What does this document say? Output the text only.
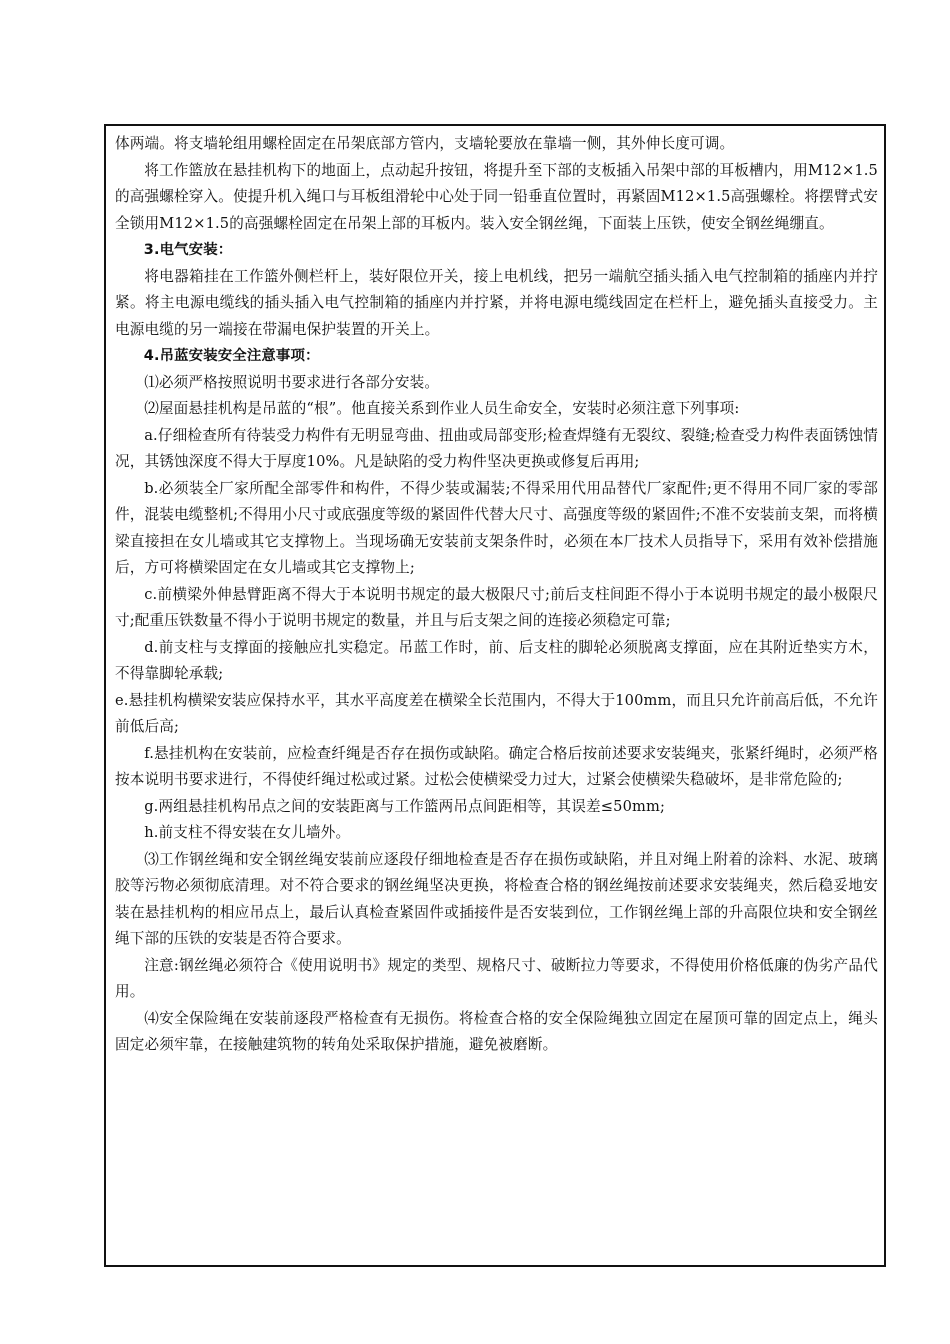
体两端。将支墙轮组用螺栓固定在吊架底部方管内，支墙轮要放在靠墙一侧，其外伸长度可调。

将工作篮放在悬挂机构下的地面上，点动起升按钮，将提升至下部的支板插入吊架中部的耳板槽内，用M12×1.5的高强螺栓穿入。使提升机入绳口与耳板组滑轮中心处于同一铅垂直位置时，再紧固M12×1.5高强螺栓。将摆臂式安全锁用M12×1.5的高强螺栓固定在吊架上部的耳板内。装入安全钢丝绳，下面装上压铁，使安全钢丝绳绷直。

3.电气安装：

将电器箱挂在工作篮外侧栏杆上，装好限位开关，接上电机线，把另一端航空插头插入电气控制箱的插座内并拧紧。将主电源电缆线的插头插入电气控制箱的插座内并拧紧，并将电源电缆线固定在栏杆上，避免插头直接受力。主电源电缆的另一端接在带漏电保护装置的开关上。

4.吊蓝安装安全注意事项：

⑴必须严格按照说明书要求进行各部分安装。

⑵屋面悬挂机构是吊蓝的“根”。他直接关系到作业人员生命安全，安装时必须注意下列事项:

a.仔细检查所有待装受力构件有无明显弯曲、扭曲或局部变形;检查焊缝有无裂纹、裂缝;检查受力构件表面锈蚀情况，其锈蚀深度不得大于厚度10%。凡是缺陷的受力构件坚决更换或修复后再用;

b.必须装全厂家所配全部零件和构件，不得少装或漏装;不得采用代用品替代厂家配件;更不得用不同厂家的零部件，混装电缆整机;不得用小尺寸或底强度等级的紧固件代替大尺寸、高强度等级的紧固件;不准不安装前支架，而将横梁直接担在女儿墙或其它支撑物上。当现场确无安装前支架条件时，必须在本厂技术人员指导下，采用有效补偿措施后，方可将横梁固定在女儿墙或其它支撑物上;

c.前横梁外伸悬臂距离不得大于本说明书规定的最大极限尺寸;前后支柱间距不得小于本说明书规定的最小极限尺寸;配重压铁数量不得小于说明书规定的数量，并且与后支架之间的连接必须稳定可靠;

d.前支柱与支撑面的接触应扎实稳定。吊蓝工作时，前、后支柱的脚轮必须脱离支撑面，应在其附近垫实方木，不得靠脚轮承载;

e.悬挂机构横梁安装应保持水平，其水平高度差在横梁全长范围内，不得大于100mm，而且只允许前高后低，不允许前低后高;

f.悬挂机构在安装前，应检查纤绳是否存在损伤或缺陷。确定合格后按前述要求安装绳夹，张紧纤绳时，必须严格按本说明书要求进行，不得使纤绳过松或过紧。过松会使横梁受力过大，过紧会使横梁失稳破坏，是非常危险的;

g.两组悬挂机构吊点之间的安装距离与工作篮两吊点间距相等，其误差≤50mm;

h.前支柱不得安装在女儿墙外。

⑶工作钢丝绳和安全钢丝绳安装前应逐段仔细地检查是否存在损伤或缺陷，并且对绳上附着的涂料、水泥、玻璃胶等污物必须彻底清理。对不符合要求的钢丝绳坚决更换，将检查合格的钢丝绳按前述要求安装绳夹，然后稳妥地安装在悬挂机构的相应吊点上，最后认真检查紧固件或插接件是否安装到位，工作钢丝绳上部的升高限位块和安全钢丝绳下部的压铁的安装是否符合要求。

注意:钢丝绳必须符合《使用说明书》规定的类型、规格尺寸、破断拉力等要求，不得使用价格低廉的伪劣产品代用。

⑷安全保险绳在安装前逐段严格检查有无损伤。将检查合格的安全保险绳独立固定在屋顶可靠的固定点上，绳头固定必须牢靠，在接触建筑物的转角处采取保护措施，避免被磨断。
